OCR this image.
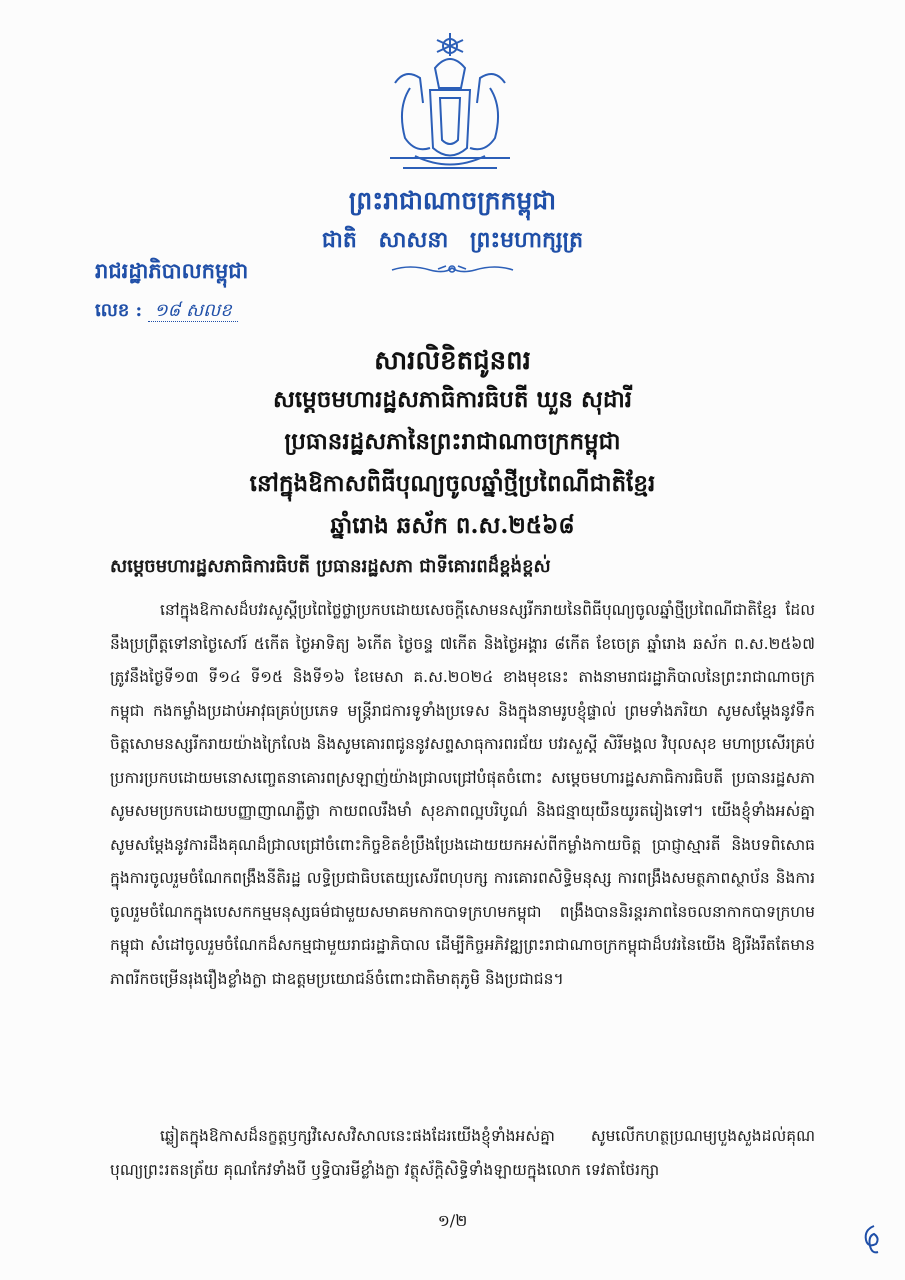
ព្រះរាជាណាចក្រកម្ពុជា
ជាតិ សាសនា ព្រះមហាក្សត្រ
រាជរដ្ឋាភិបាលកម្ពុជា
លេខ : ១៨ សលខ
សារលិខិតជូនពរ
សម្តេចមហារដ្ឋសភាធិការធិបតី ឃួន សុដារី
ប្រធានរដ្ឋសភានៃព្រះរាជាណាចក្រកម្ពុជា
នៅក្នុងឱកាសពិធីបុណ្យចូលឆ្នាំថ្មីប្រពៃណីជាតិខ្មែរ
ឆ្នាំរោង ឆស័ក ព.ស.២៥៦៨
សម្តេចមហារដ្ឋសភាធិការធិបតី ប្រធានរដ្ឋសភា ជាទីគោរពដ៏ខ្ពង់ខ្ពស់
នៅក្នុងឱកាសដ៏បវរសួស្តីប្រពៃថ្លៃថ្លាប្រកបដោយសេចក្តីសោមនស្សរីករាយនៃពិធីបុណ្យចូលឆ្នាំថ្មីប្រពៃណីជាតិខ្មែរ ដែលនឹងប្រព្រឹត្តទៅនាថ្ងៃសៅរ៍ ៥កើត ថ្ងៃអាទិត្យ ៦កើត ថ្ងៃចន្ទ ៧កើត និងថ្ងៃអង្គារ ៨កើត ខែចេត្រ ឆ្នាំរោង ឆស័ក ព.ស.២៥៦៧ ត្រូវនឹងថ្ងៃទី១៣ ទី១៤ ទី១៥ និងទី១៦ ខែមេសា គ.ស.២០២៤ ខាងមុខនេះ តាងនាមរាជរដ្ឋាភិបាលនៃព្រះរាជាណាចក្រកម្ពុជា កងកម្លាំងប្រដាប់អាវុធគ្រប់ប្រភេទ មន្ត្រីរាជការទូទាំងប្រទេស និងក្នុងនាមរូបខ្ញុំផ្ទាល់ ព្រមទាំងភរិយា សូមសម្តែងនូវទឹកចិត្តសោមនស្សរីករាយយ៉ាងក្រៃលែង និងសូមគោរពជូននូវសព្ទសាធុការពរជ័យ បវរសួស្តី សិរីមង្គល វិបុលសុខ មហាប្រសើរគ្រប់ប្រការប្រកបដោយមនោសញ្ចេតនាគោរពស្រឡាញ់យ៉ាងជ្រាលជ្រៅបំផុតចំពោះ សម្តេចមហារដ្ឋសភាធិការធិបតី ប្រធានរដ្ឋសភា សូមសមប្រកបដោយបញ្ញាញាណភ្លឺថ្លា កាយពលរឹងមាំ សុខភាពល្អបរិបូណ៌ និងជន្មាយុយឺនយូរតរៀងទៅ។ យើងខ្ញុំទាំងអស់គ្នា សូមសម្តែងនូវការដឹងគុណដ៏ជ្រាលជ្រៅចំពោះកិច្ចខិតខំប្រឹងប្រែងដោយយកអស់ពីកម្លាំងកាយចិត្ត ប្រាជ្ញាស្មារតី និងបទពិសោធក្នុងការចូលរួមចំណែកពង្រឹងនីតិរដ្ឋ លទ្ធិប្រជាធិបតេយ្យសេរីពហុបក្ស ការគោរពសិទ្ធិមនុស្ស ការពង្រឹងសមត្ថភាពស្ថាប័ន និងការចូលរួមចំណែកក្នុងបេសកកម្មមនុស្សធម៌ជាមួយសមាគមកាកបាទក្រហមកម្ពុជា ពង្រឹងបាននិរន្តរភាពនៃចលនាកាកបាទក្រហមកម្ពុជា សំដៅចូលរួមចំណែកដ៏សកម្មជាមួយរាជរដ្ឋាភិបាល ដើម្បីកិច្ចអភិវឌ្ឍព្រះរាជាណាចក្រកម្ពុជាដ៏បវរនៃយើង ឱ្យរីងរឹតតែមានភាពរីកចម្រើនរុងរឿងខ្លាំងក្លា ជាឧត្តមប្រយោជន៍ចំពោះជាតិមាតុភូមិ និងប្រជាជន។
ឆ្លៀតក្នុងឱកាសដ៏នក្ខត្តឫក្សវិសេសវិសាលនេះផងដែរយើងខ្ញុំទាំងអស់គ្នា សូមលើកហត្ថប្រណម្យបួងសួងដល់គុណបុណ្យព្រះរតនត្រ័យ គុណកែវទាំងបី ឫទ្ធិបារមីខ្លាំងក្លា វត្ថុស័ក្តិសិទ្ធិទាំងឡាយក្នុងលោក ទេវតាថែរក្សា
១/២
